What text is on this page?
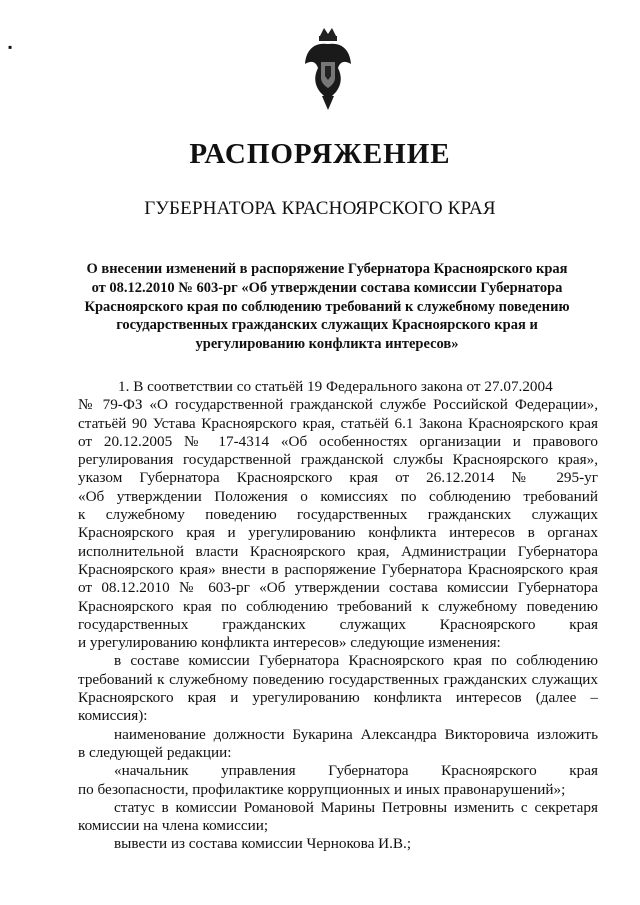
▪
РАСПОРЯЖЕНИЕ
ГУБЕРНАТОРА КРАСНОЯРСКОГО КРАЯ
О внесении изменений в распоряжение Губернатора Красноярского края
от 08.12.2010 № 603-рг «Об утверждении состава комиссии Губернатора
Красноярского края по соблюдению требований к служебному поведению
государственных гражданских служащих Красноярского края и
урегулированию конфликта интересов»
1. В соответствии со статьёй 19 Федерального закона от 27.07.2004
№ 79-ФЗ «О государственной гражданской службе Российской Федерации»,
статьёй 90 Устава Красноярского края, статьёй 6.1 Закона Красноярского края
от 20.12.2005 № 17-4314 «Об особенностях организации и правового
регулирования государственной гражданской службы Красноярского края»,
указом Губернатора Красноярского края от 26.12.2014 № 295-уг
«Об утверждении Положения о комиссиях по соблюдению требований
к служебному поведению государственных гражданских служащих
Красноярского края и урегулированию конфликта интересов в органах
исполнительной власти Красноярского края, Администрации Губернатора
Красноярского края» внести в распоряжение Губернатора Красноярского края
от 08.12.2010 № 603-рг «Об утверждении состава комиссии Губернатора
Красноярского края по соблюдению требований к служебному поведению
государственных гражданских служащих Красноярского края
и урегулированию конфликта интересов» следующие изменения:
в составе комиссии Губернатора Красноярского края по соблюдению
требований к служебному поведению государственных гражданских служащих
Красноярского края и урегулированию конфликта интересов (далее –
комиссия):
наименование должности Букарина Александра Викторовича изложить
в следующей редакции:
«начальник управления Губернатора Красноярского края
по безопасности, профилактике коррупционных и иных правонарушений»;
статус в комиссии Романовой Марины Петровны изменить с секретаря
комиссии на члена комиссии;
вывести из состава комиссии Чернокова И.В.;
